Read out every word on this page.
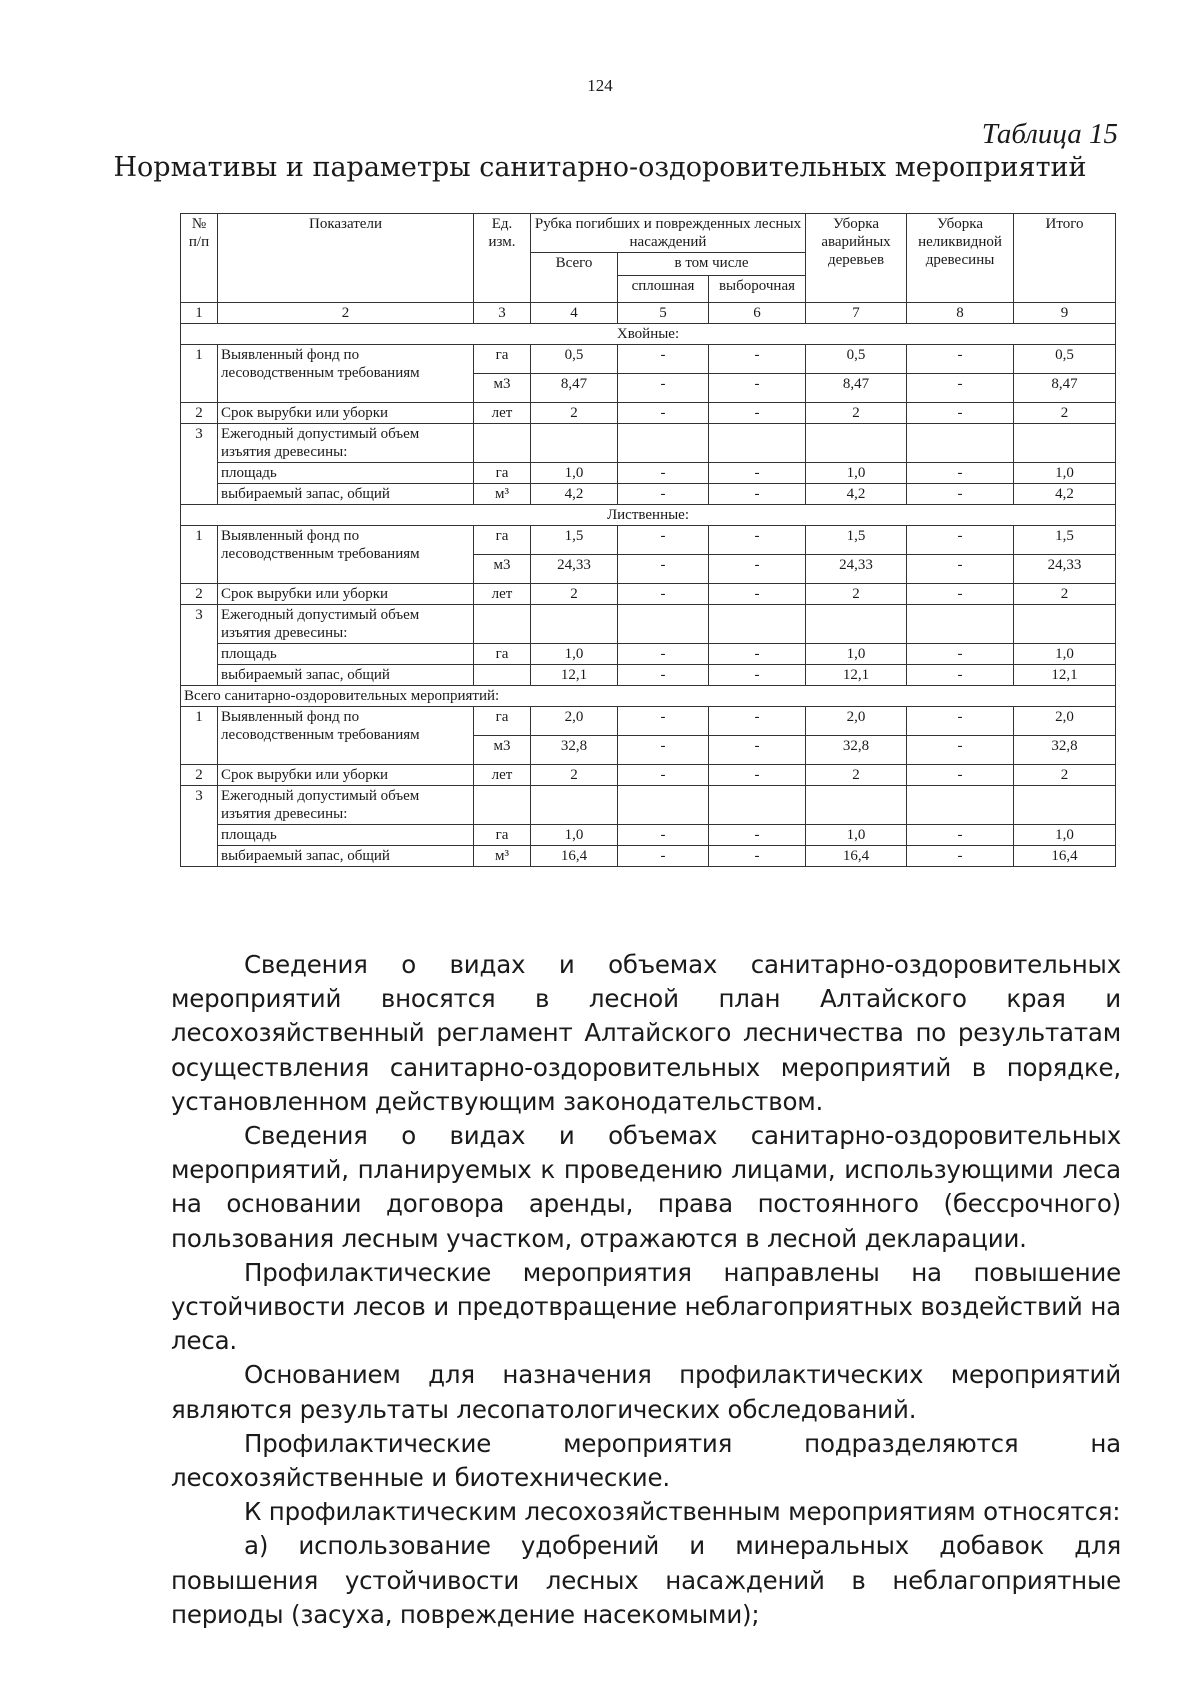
124
Таблица 15
Нормативы и параметры санитарно-оздоровительных мероприятий
№ п/п	Показатели	Ед. изм.	Рубка погибших и поврежденных лесных насаждений			Уборка аварийных деревьев	Уборка неликвидной древесины	Итого
			Всего	в том числе				
				сплошная	выборочная			
1	2	3	4	5	6	7	8	9
Хвойные:								
1	Выявленный фонд по лесоводственным требованиям	га	0,5	-	-	0,5	-	0,5
		м3	8,47	-	-	8,47	-	8,47
2	Срок вырубки или уборки	лет	2	-	-	2	-	2
3	Ежегодный допустимый объем изъятия древесины:							
	площадь	га	1,0	-	-	1,0	-	1,0
	выбираемый запас, общий	м³	4,2	-	-	4,2	-	4,2
Лиственные:								
1	Выявленный фонд по лесоводственным требованиям	га	1,5	-	-	1,5	-	1,5
		м3	24,33	-	-	24,33	-	24,33
2	Срок вырубки или уборки	лет	2	-	-	2	-	2
3	Ежегодный допустимый объем изъятия древесины:							
	площадь	га	1,0	-	-	1,0	-	1,0
	выбираемый запас, общий		12,1	-	-	12,1	-	12,1
Всего санитарно-оздоровительных мероприятий:								
1	Выявленный фонд по лесоводственным требованиям	га	2,0	-	-	2,0	-	2,0
		м3	32,8	-	-	32,8	-	32,8
2	Срок вырубки или уборки	лет	2	-	-	2	-	2
3	Ежегодный допустимый объем изъятия древесины:							
	площадь	га	1,0	-	-	1,0	-	1,0
	выбираемый запас, общий	м³	16,4	-	-	16,4	-	16,4

Сведения о видах и объемах санитарно-оздоровительных мероприятий вносятся в лесной план Алтайского края и лесохозяйственный регламент Алтайского лесничества по результатам осуществления санитарно-оздоровительных мероприятий в порядке, установленном действующим законодательством.

Сведения о видах и объемах санитарно-оздоровительных мероприятий, планируемых к проведению лицами, использующими леса на основании договора аренды, права постоянного (бессрочного) пользования лесным участком, отражаются в лесной декларации.

Профилактические мероприятия направлены на повышение устойчивости лесов и предотвращение неблагоприятных воздействий на леса.

Основанием для назначения профилактических мероприятий являются результаты лесопатологических обследований.

Профилактические мероприятия подразделяются на лесохозяйственные и биотехнические.

К профилактическим лесохозяйственным мероприятиям относятся:

а) использование удобрений и минеральных добавок для повышения устойчивости лесных насаждений в неблагоприятные периоды (засуха, повреждение насекомыми);
